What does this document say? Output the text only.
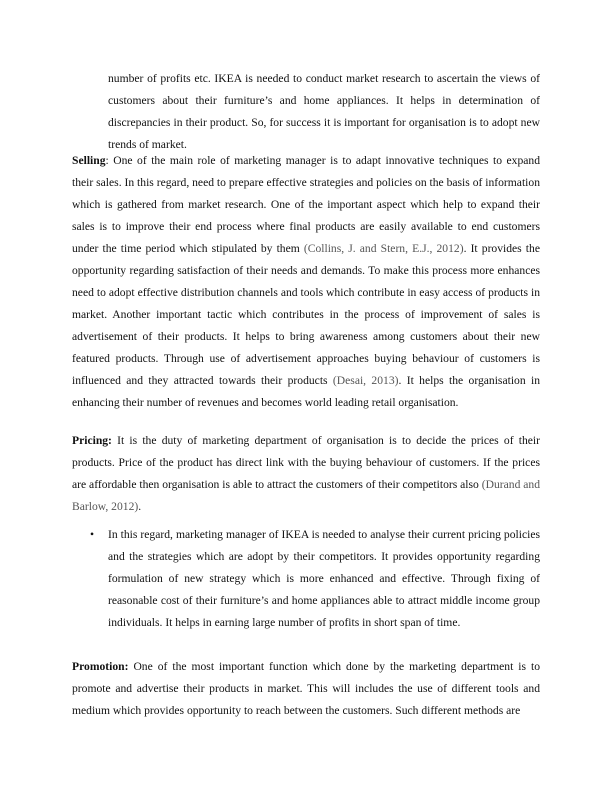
number of profits etc. IKEA is needed to conduct market research to ascertain the views of customers about their furniture’s and home appliances. It helps in determination of discrepancies in their product. So, for success it is important for organisation is to adopt new trends of market.

Selling: One of the main role of marketing manager is to adapt innovative techniques to expand their sales. In this regard, need to prepare effective strategies and policies on the basis of information which is gathered from market research. One of the important aspect which help to expand their sales is to improve their end process where final products are easily available to end customers under the time period which stipulated by them (Collins, J. and Stern, E.J., 2012). It provides the opportunity regarding satisfaction of their needs and demands. To make this process more enhances need to adopt effective distribution channels and tools which contribute in easy access of products in market. Another important tactic which contributes in the process of improvement of sales is advertisement of their products. It helps to bring awareness among customers about their new featured products. Through use of advertisement approaches buying behaviour of customers is influenced and they attracted towards their products (Desai, 2013). It helps the organisation in enhancing their number of revenues and becomes world leading retail organisation.

Pricing: It is the duty of marketing department of organisation is to decide the prices of their products. Price of the product has direct link with the buying behaviour of customers. If the prices are affordable then organisation is able to attract the customers of their competitors also (Durand and Barlow, 2012).

• In this regard, marketing manager of IKEA is needed to analyse their current pricing policies and the strategies which are adopt by their competitors. It provides opportunity regarding formulation of new strategy which is more enhanced and effective. Through fixing of reasonable cost of their furniture’s and home appliances able to attract middle income group individuals. It helps in earning large number of profits in short span of time.

Promotion: One of the most important function which done by the marketing department is to promote and advertise their products in market. This will includes the use of different tools and medium which provides opportunity to reach between the customers. Such different methods are
